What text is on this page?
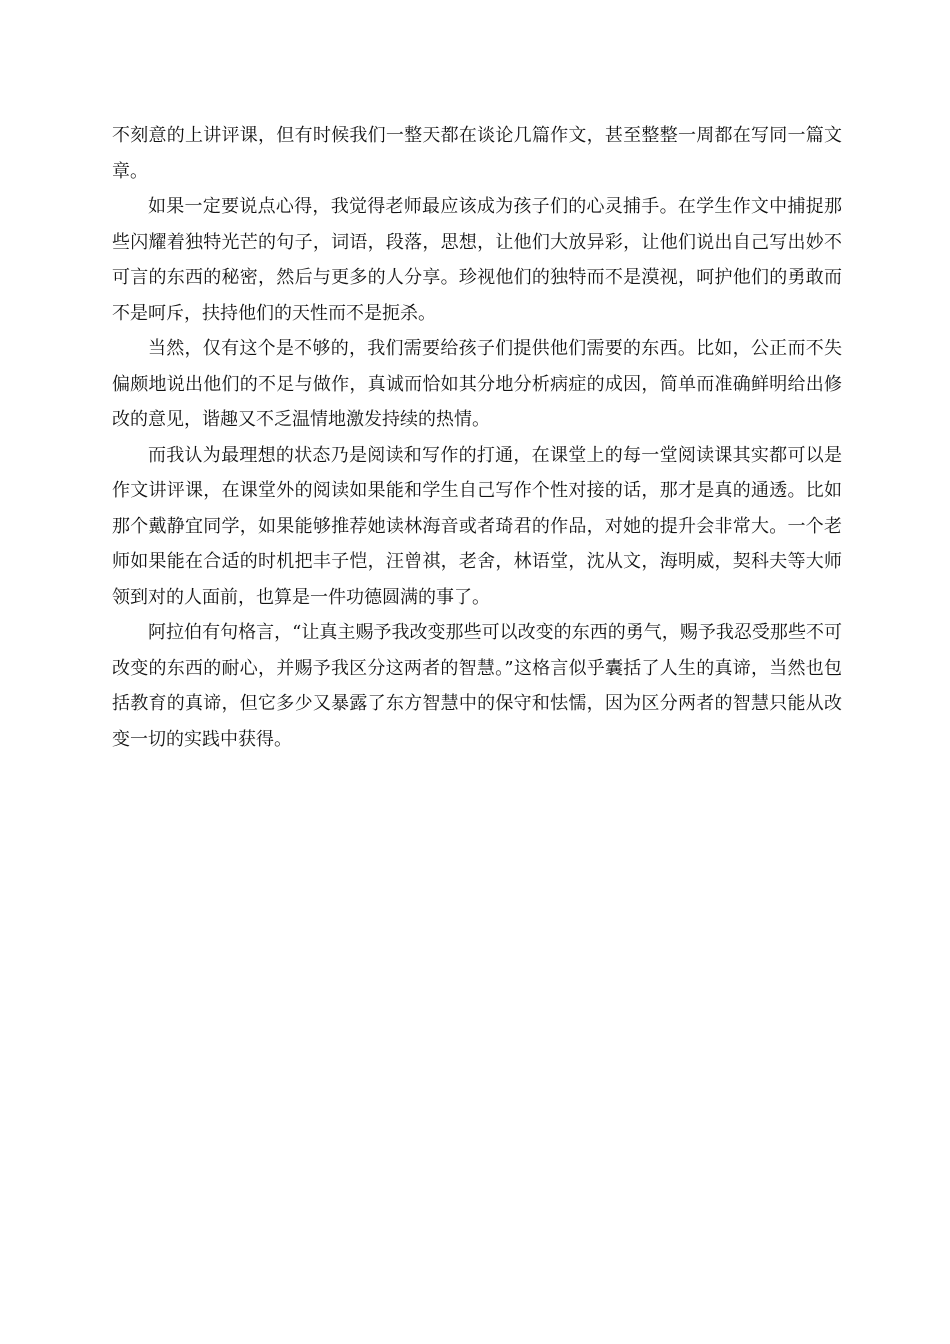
不刻意的上讲评课，但有时候我们一整天都在谈论几篇作文，甚至整整一周都在写同一篇文章。

如果一定要说点心得，我觉得老师最应该成为孩子们的心灵捕手。在学生作文中捕捉那些闪耀着独特光芒的句子，词语，段落，思想，让他们大放异彩，让他们说出自己写出妙不可言的东西的秘密，然后与更多的人分享。珍视他们的独特而不是漠视，呵护他们的勇敢而不是呵斥，扶持他们的天性而不是扼杀。

当然，仅有这个是不够的，我们需要给孩子们提供他们需要的东西。比如，公正而不失偏颇地说出他们的不足与做作，真诚而恰如其分地分析病症的成因，简单而准确鲜明给出修改的意见，谐趣又不乏温情地激发持续的热情。

而我认为最理想的状态乃是阅读和写作的打通，在课堂上的每一堂阅读课其实都可以是作文讲评课，在课堂外的阅读如果能和学生自己写作个性对接的话，那才是真的通透。比如那个戴静宜同学，如果能够推荐她读林海音或者琦君的作品，对她的提升会非常大。一个老师如果能在合适的时机把丰子恺，汪曾祺，老舍，林语堂，沈从文，海明威，契科夫等大师领到对的人面前，也算是一件功德圆满的事了。

阿拉伯有句格言，“让真主赐予我改变那些可以改变的东西的勇气，赐予我忍受那些不可改变的东西的耐心，并赐予我区分这两者的智慧。”这格言似乎囊括了人生的真谛，当然也包括教育的真谛，但它多少又暴露了东方智慧中的保守和怯懦，因为区分两者的智慧只能从改变一切的实践中获得。
